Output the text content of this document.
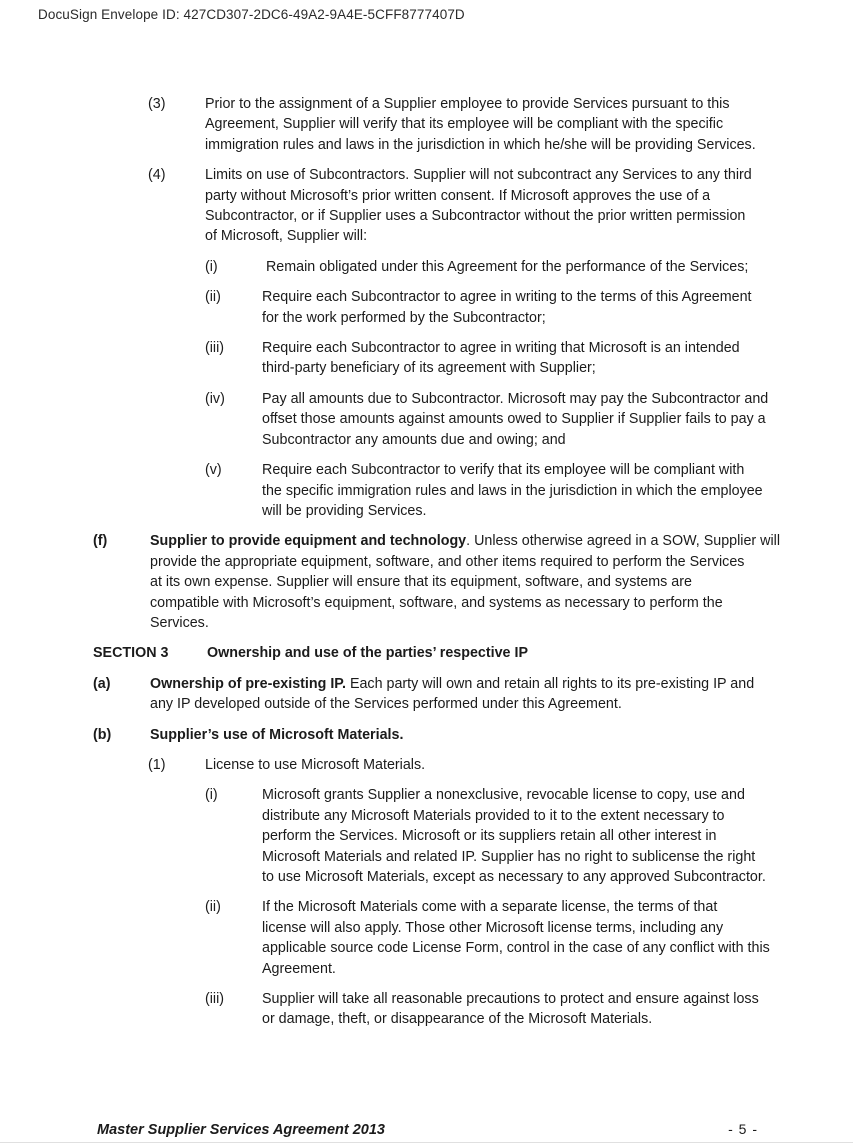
DocuSign Envelope ID: 427CD307-2DC6-49A2-9A4E-5CFF8777407D
(3)	Prior to the assignment of a Supplier employee to provide Services pursuant to this
Agreement, Supplier will verify that its employee will be compliant with the specific
immigration rules and laws in the jurisdiction in which he/she will be providing Services.
(4)	Limits on use of Subcontractors. Supplier will not subcontract any Services to any third
party without Microsoft’s prior written consent. If Microsoft approves the use of a
Subcontractor, or if Supplier uses a Subcontractor without the prior written permission
of Microsoft, Supplier will:
(i)	Remain obligated under this Agreement for the performance of the Services;
(ii)	Require each Subcontractor to agree in writing to the terms of this Agreement
for the work performed by the Subcontractor;
(iii)	Require each Subcontractor to agree in writing that Microsoft is an intended
third-party beneficiary of its agreement with Supplier;
(iv)	Pay all amounts due to Subcontractor. Microsoft may pay the Subcontractor and
offset those amounts against amounts owed to Supplier if Supplier fails to pay a
Subcontractor any amounts due and owing; and
(v)	Require each Subcontractor to verify that its employee will be compliant with
the specific immigration rules and laws in the jurisdiction in which the employee
will be providing Services.
(f)	Supplier to provide equipment and technology. Unless otherwise agreed in a SOW, Supplier will
provide the appropriate equipment, software, and other items required to perform the Services
at its own expense. Supplier will ensure that its equipment, software, and systems are
compatible with Microsoft’s equipment, software, and systems as necessary to perform the
Services.
SECTION 3	Ownership and use of the parties’ respective IP
(a)	Ownership of pre-existing IP. Each party will own and retain all rights to its pre-existing IP and
any IP developed outside of the Services performed under this Agreement.
(b)	Supplier’s use of Microsoft Materials.
(1)	License to use Microsoft Materials.
(i)	Microsoft grants Supplier a nonexclusive, revocable license to copy, use and
distribute any Microsoft Materials provided to it to the extent necessary to
perform the Services. Microsoft or its suppliers retain all other interest in
Microsoft Materials and related IP. Supplier has no right to sublicense the right
to use Microsoft Materials, except as necessary to any approved Subcontractor.
(ii)	If the Microsoft Materials come with a separate license, the terms of that
license will also apply. Those other Microsoft license terms, including any
applicable source code License Form, control in the case of any conflict with this
Agreement.
(iii)	Supplier will take all reasonable precautions to protect and ensure against loss
or damage, theft, or disappearance of the Microsoft Materials.
Master Supplier Services Agreement 2013	- 5 -
